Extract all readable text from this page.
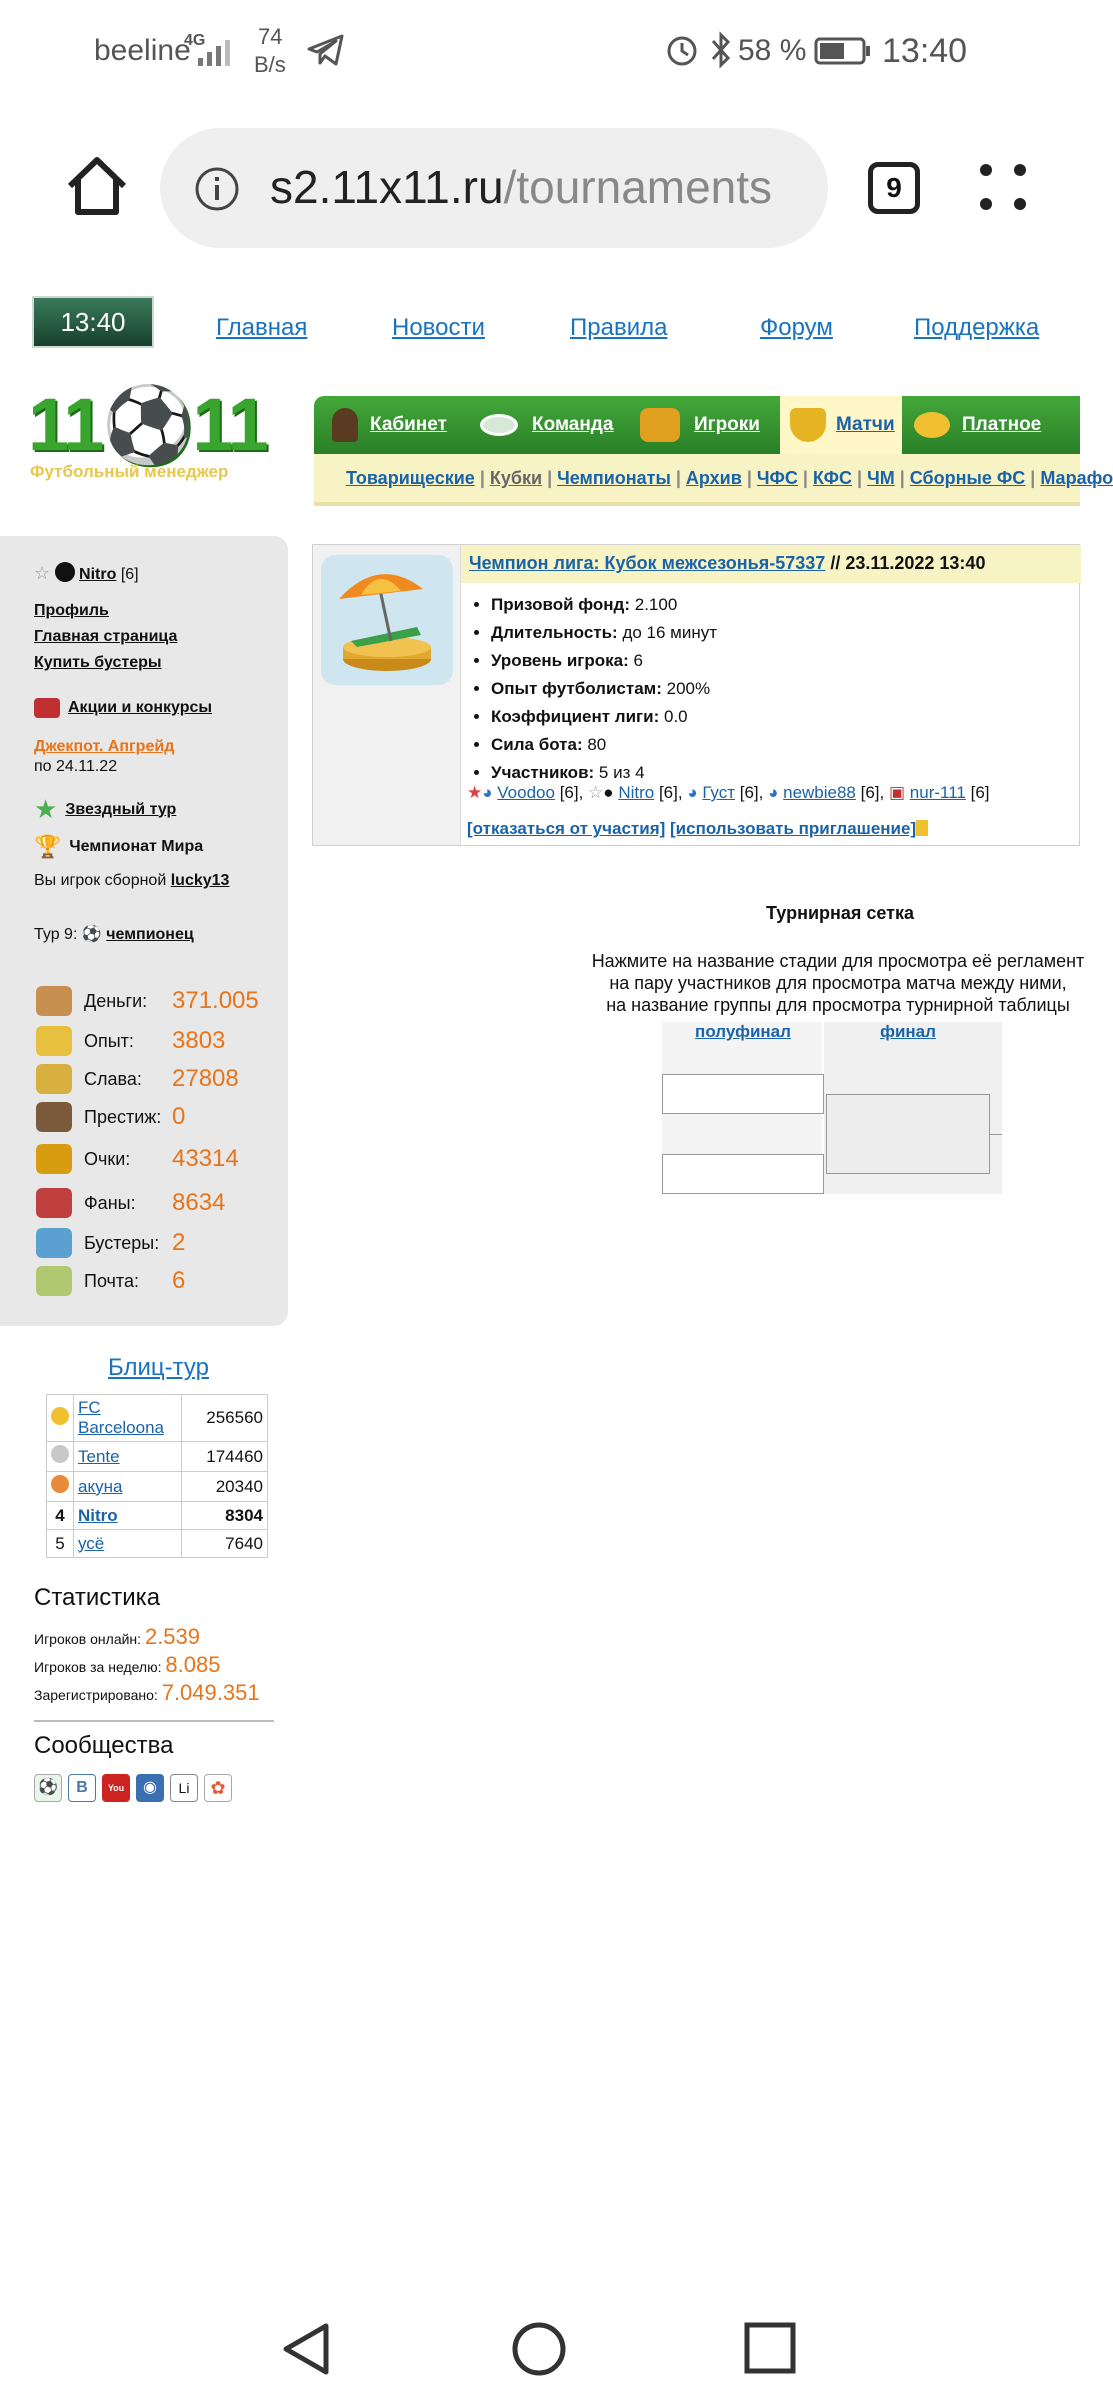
beeline
4G 74
B/s	58 % 13:40
s2.11x11.ru/tournaments	9
13:40	Главная	Новости	Правила	Форум	Поддержка
11⚽11
Футбольный менеджер
Кабинет	Команда	Игроки	Матчи	Платное
Товарищеские | Кубки | Чемпионаты | Архив | ЧФС | КФС | ЧМ | Сборные ФС | Марафо
☆ Nitro [6]
Профиль
Главная страница
Купить бустеры
Акции и конкурсы
Джекпот. Апгрейд
по 24.11.22
★ Звездный тур
🏆 Чемпионат Мира
Вы игрок сборной lucky13
Тур 9: ⚽ чемпионец
Деньги:	371.005
Опыт:	3803
Слава:	27808
Престиж: 0
Очки:	43314
Фаны:	8634
Бустеры: 2
Почта:	6
Блиц-тур
	FC Barceloona	256560
	Tente	174460
	акуна	20340
4	Nitro	8304
5	усё	7640
Статистика
Игроков онлайн: 2.539
Игроков за неделю: 8.085
Зарегистрировано: 7.049.351
Сообщества
⚽	В	You	◉	Li	✿
Чемпион лига: Кубок межсезонья-57337 // 23.11.2022 13:40
• Призовой фонд: 2.100
• Длительность: до 16 минут
• Уровень игрока: 6
• Опыт футболистам: 200%
• Коэффициент лиги: 0.0
• Сила бота: 80
• Участников: 5 из 4
★◕ Voodoo [6], ☆● Nitro [6], ◕ Густ [6], ◕ newbie88 [6], ▣ nur-111 [6]
[отказаться от участия] [использовать приглашение]
Турнирная сетка
Нажмите на название стадии для просмотра её регламент
на пару участников для просмотра матча между ними,
на название группы для просмотра турнирной таблицы
полуфинал	финал
